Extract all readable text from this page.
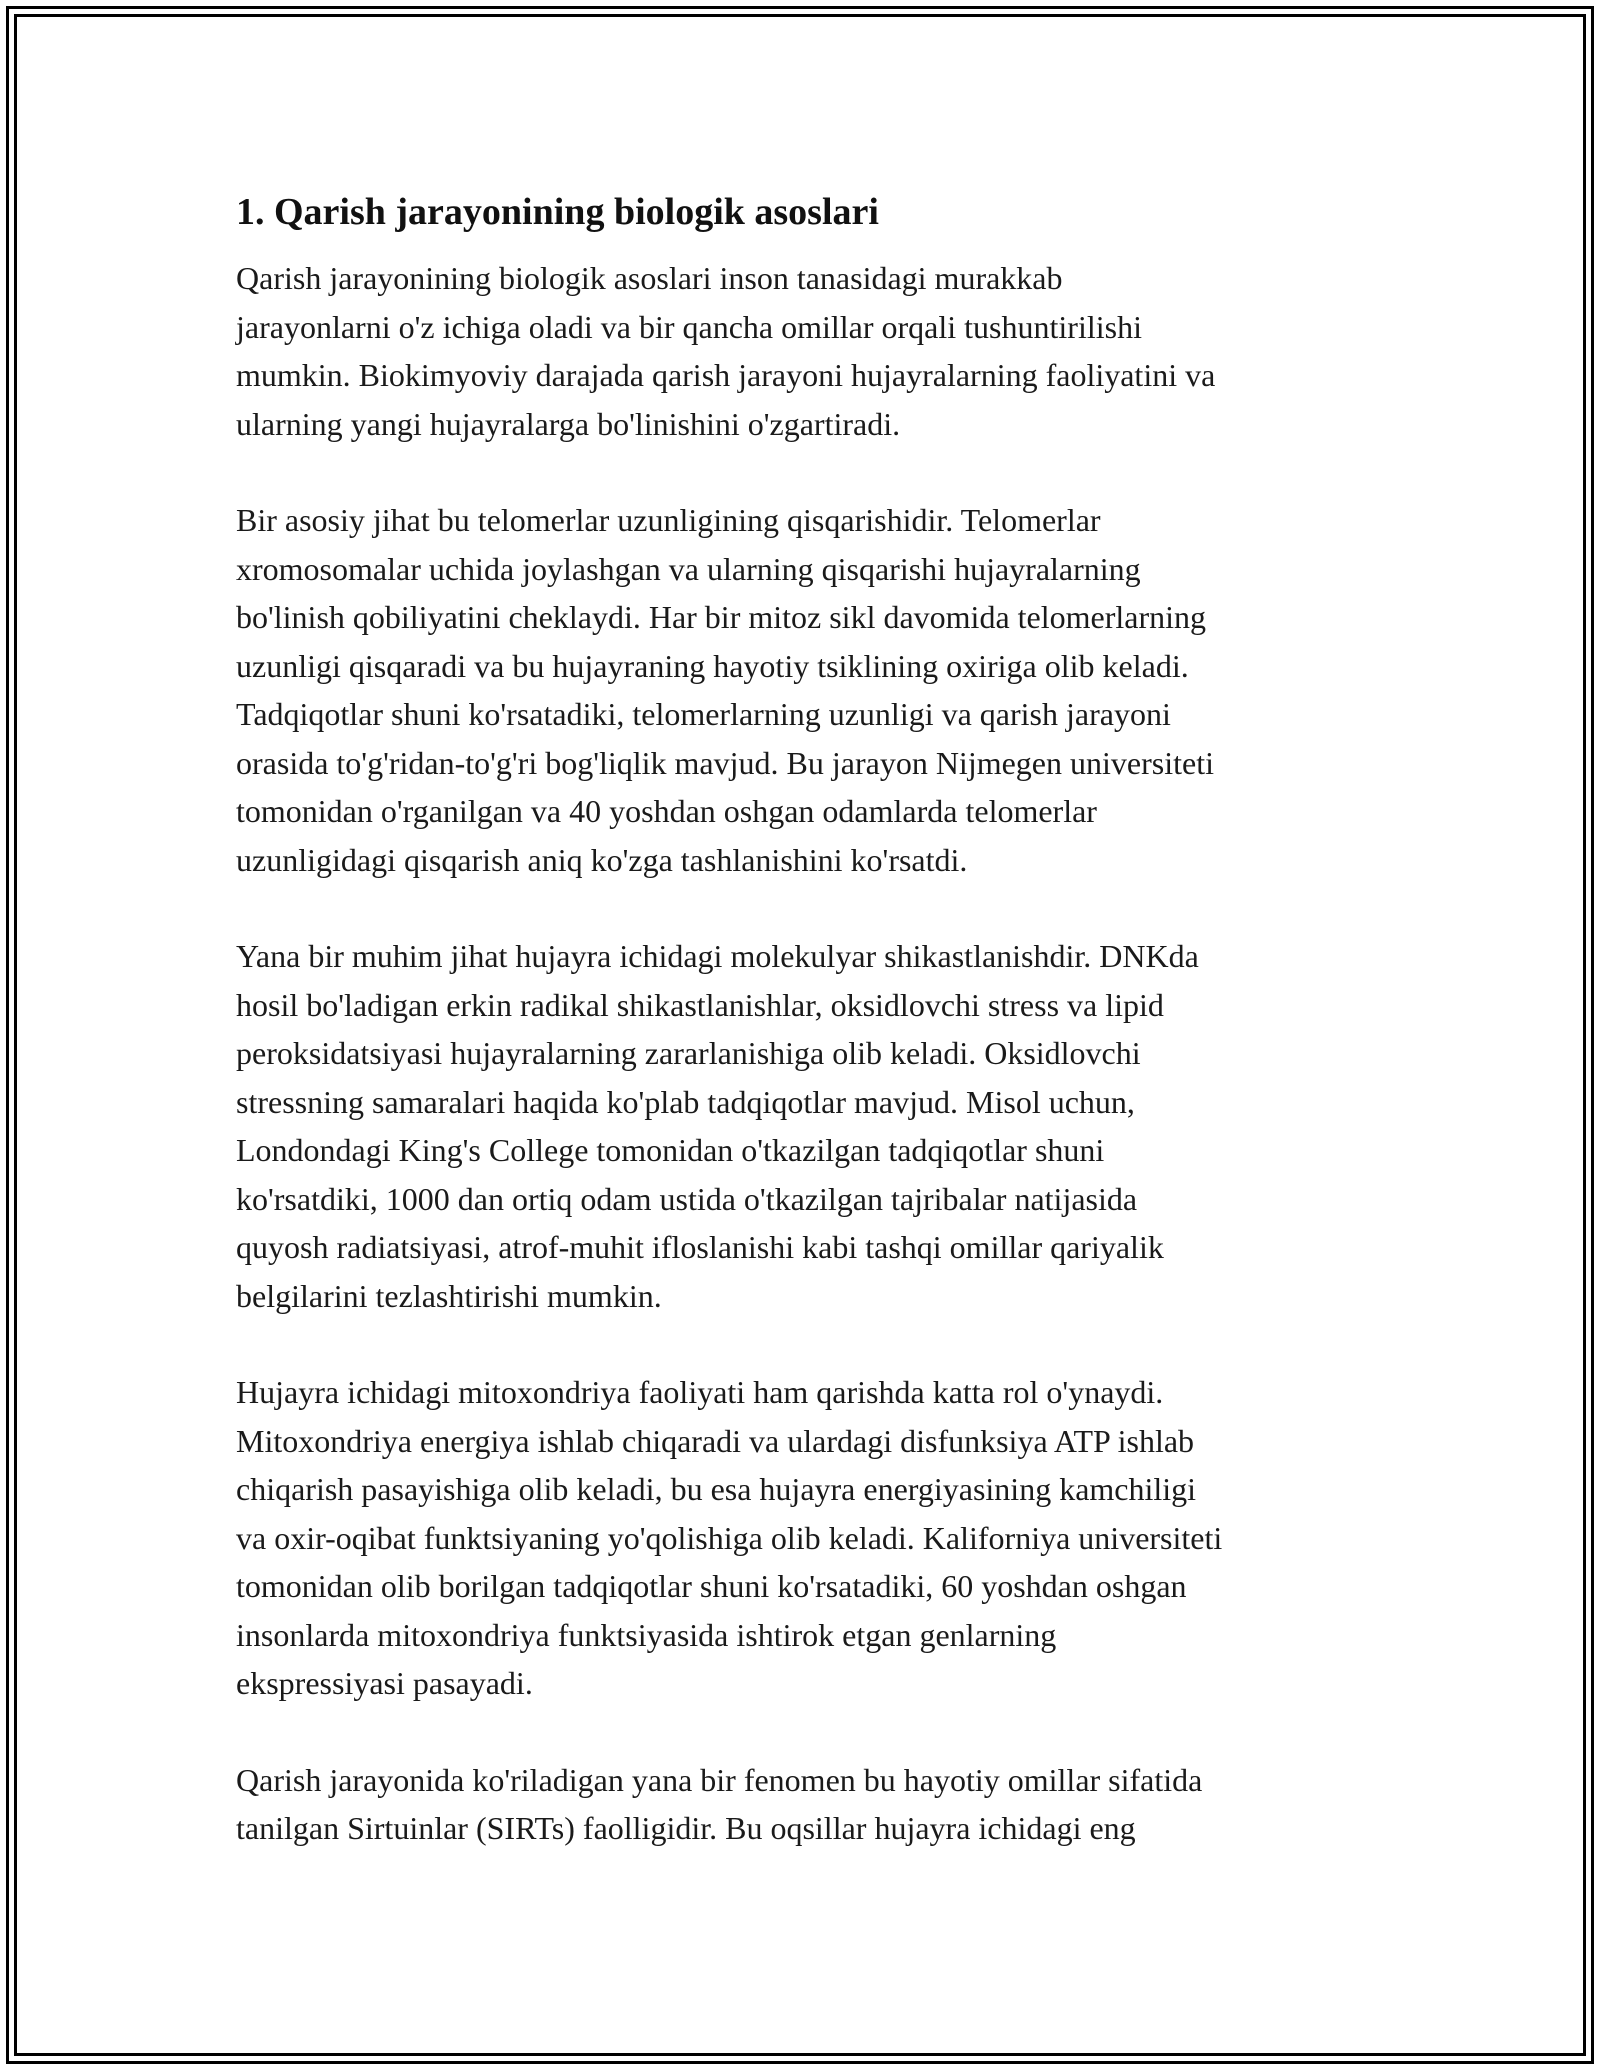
1. Qarish jarayonining biologik asoslari

Qarish jarayonining biologik asoslari inson tanasidagi murakkab
jarayonlarni o'z ichiga oladi va bir qancha omillar orqali tushuntirilishi
mumkin. Biokimyoviy darajada qarish jarayoni hujayralarning faoliyatini va
ularning yangi hujayralarga bo'linishini o'zgartiradi.

Bir asosiy jihat bu telomerlar uzunligining qisqarishidir. Telomerlar
xromosomalar uchida joylashgan va ularning qisqarishi hujayralarning
bo'linish qobiliyatini cheklaydi. Har bir mitoz sikl davomida telomerlarning
uzunligi qisqaradi va bu hujayraning hayotiy tsiklining oxiriga olib keladi.
Tadqiqotlar shuni ko'rsatadiki, telomerlarning uzunligi va qarish jarayoni
orasida to'g'ridan-to'g'ri bog'liqlik mavjud. Bu jarayon Nijmegen universiteti
tomonidan o'rganilgan va 40 yoshdan oshgan odamlarda telomerlar
uzunligidagi qisqarish aniq ko'zga tashlanishini ko'rsatdi.

Yana bir muhim jihat hujayra ichidagi molekulyar shikastlanishdir. DNKda
hosil bo'ladigan erkin radikal shikastlanishlar, oksidlovchi stress va lipid
peroksidatsiyasi hujayralarning zararlanishiga olib keladi. Oksidlovchi
stressning samaralari haqida ko'plab tadqiqotlar mavjud. Misol uchun,
Londondagi King's College tomonidan o'tkazilgan tadqiqotlar shuni
ko'rsatdiki, 1000 dan ortiq odam ustida o'tkazilgan tajribalar natijasida
quyosh radiatsiyasi, atrof-muhit ifloslanishi kabi tashqi omillar qariyalik
belgilarini tezlashtirishi mumkin.

Hujayra ichidagi mitoxondriya faoliyati ham qarishda katta rol o'ynaydi.
Mitoxondriya energiya ishlab chiqaradi va ulardagi disfunksiya ATP ishlab
chiqarish pasayishiga olib keladi, bu esa hujayra energiyasining kamchiligi
va oxir-oqibat funktsiyaning yo'qolishiga olib keladi. Kaliforniya universiteti
tomonidan olib borilgan tadqiqotlar shuni ko'rsatadiki, 60 yoshdan oshgan
insonlarda mitoxondriya funktsiyasida ishtirok etgan genlarning
ekspressiyasi pasayadi.

Qarish jarayonida ko'riladigan yana bir fenomen bu hayotiy omillar sifatida
tanilgan Sirtuinlar (SIRTs) faolligidir. Bu oqsillar hujayra ichidagi eng
